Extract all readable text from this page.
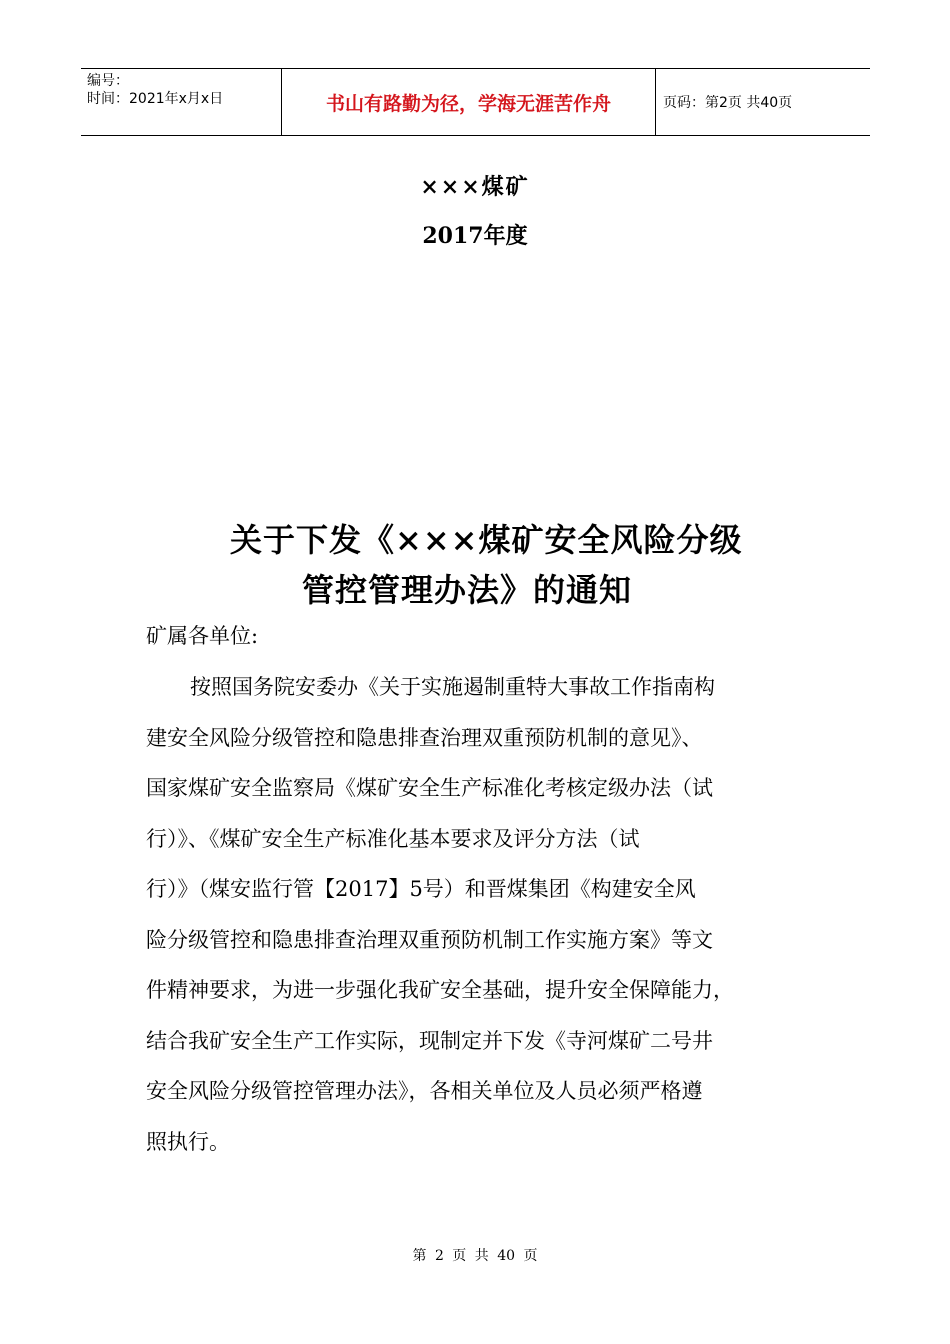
编号：
时间：2021年x月x日	书山有路勤为径，学海无涯苦作舟	页码：第2页 共40页
×××煤矿
2017年度
关于下发《×××煤矿安全风险分级
管控管理办法》的通知
矿属各单位:
按照国务院安委办《关于实施遏制重特大事故工作指南构
建安全风险分级管控和隐患排查治理双重预防机制的意见》、
国家煤矿安全监察局《煤矿安全生产标准化考核定级办法（试
行）》、《煤矿安全生产标准化基本要求及评分方法（试
行）》（煤安监行管【2017】5号）和晋煤集团《构建安全风
险分级管控和隐患排查治理双重预防机制工作实施方案》等文
件精神要求，为进一步强化我矿安全基础，提升安全保障能力，
结合我矿安全生产工作实际，现制定并下发《寺河煤矿二号井
安全风险分级管控管理办法》，各相关单位及人员必须严格遵
照执行。
第 2 页 共 40 页
